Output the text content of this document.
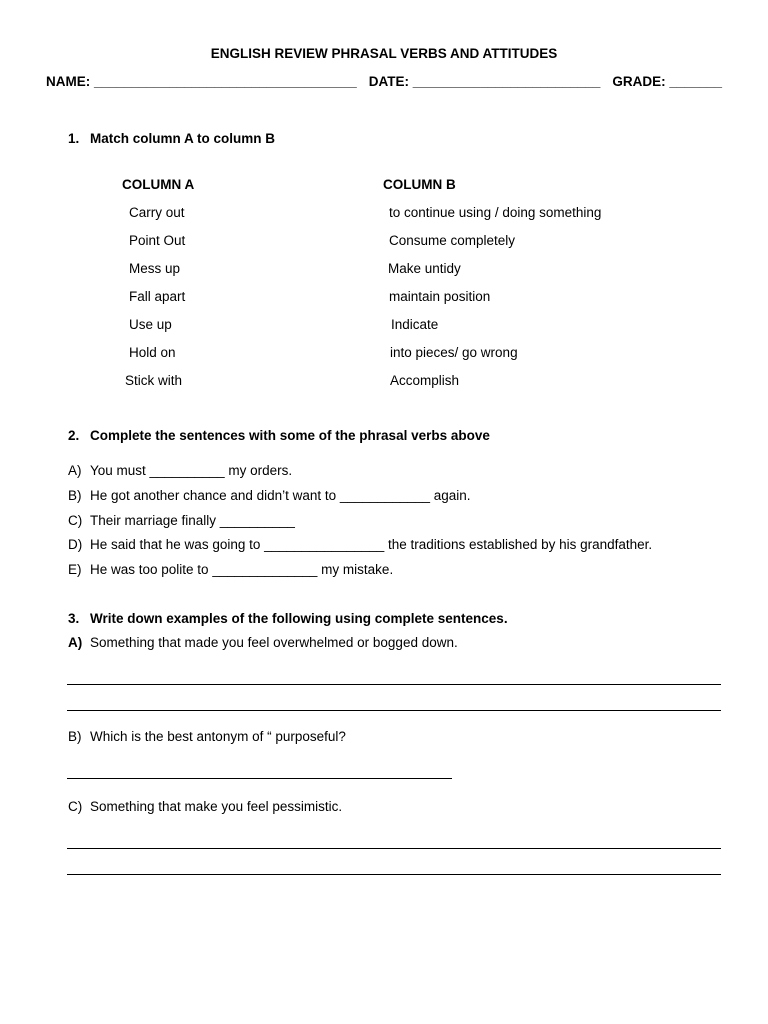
ENGLISH REVIEW PHRASAL VERBS AND ATTITUDES
NAME: ___________________________________ DATE: _________________________ GRADE: _______
1. Match column A to column B
COLUMN A	COLUMN B
Carry out
Point Out
Mess up
Fall apart
Use up
Hold on
Stick with
to continue using / doing something
Consume completely
Make untidy
maintain position
Indicate
into pieces/ go wrong
Accomplish
2. Complete the sentences with some of the phrasal verbs above
A) You must __________ my orders.
B) He got another chance and didn’t want to ____________ again.
C) Their marriage finally __________
D) He said that he was going to ________________ the traditions established by his grandfather.
E) He was too polite to ______________ my mistake.
3. Write down examples of the following using complete sentences.
A) Something that made you feel overwhelmed or bogged down.
B) Which is the best antonym of “ purposeful?
C) Something that make you feel pessimistic.
